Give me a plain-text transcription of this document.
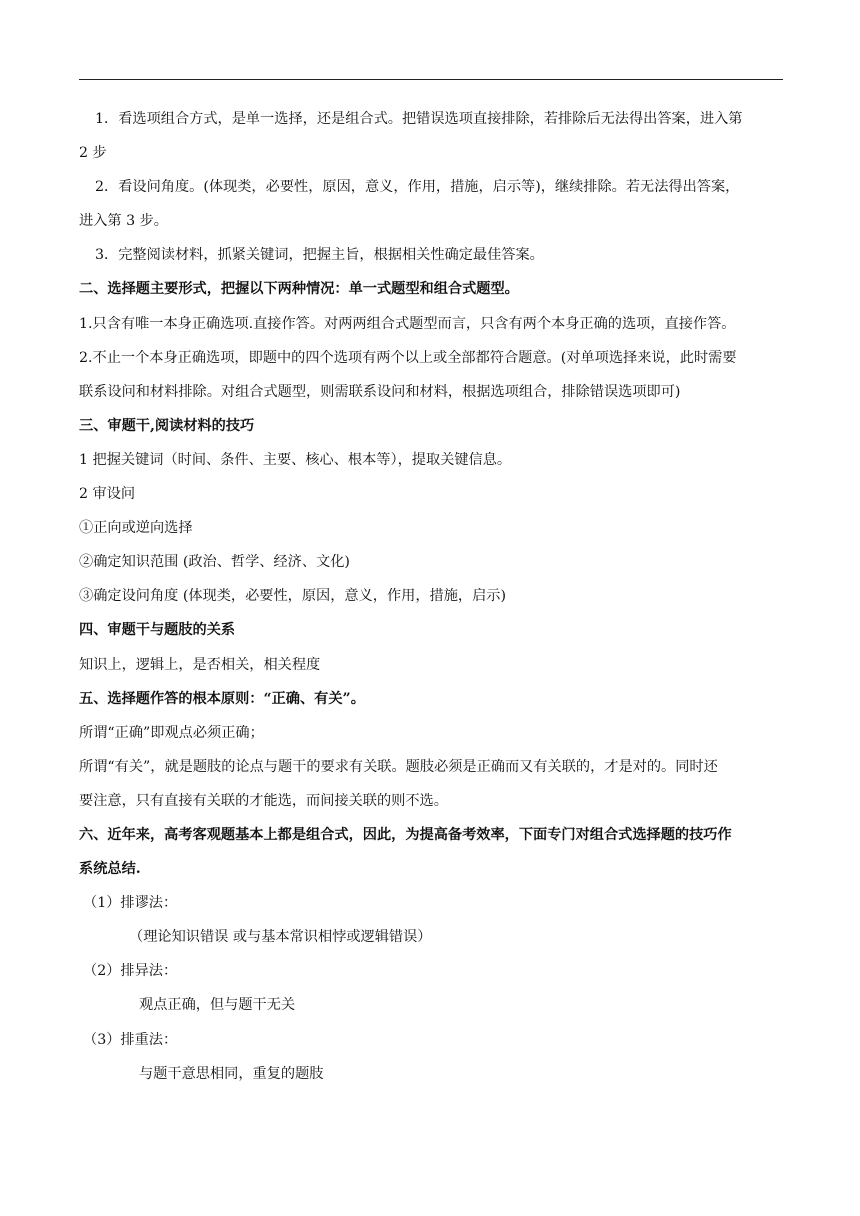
1．看选项组合方式，是单一选择，还是组合式。把错误选项直接排除，若排除后无法得出答案，进入第

2 步

2．看设问角度。(体现类，必要性，原因，意义，作用，措施，启示等)，继续排除。若无法得出答案，

进入第 3 步。

3．完整阅读材料，抓紧关键词，把握主旨，根据相关性确定最佳答案。

二、选择题主要形式，把握以下两种情况：单一式题型和组合式题型。

1.只含有唯一本身正确选项.直接作答。对两两组合式题型而言，只含有两个本身正确的选项，直接作答。

2.不止一个本身正确选项，即题中的四个选项有两个以上或全部都符合题意。(对单项选择来说，此时需要

联系设问和材料排除。对组合式题型，则需联系设问和材料，根据选项组合，排除错误选项即可)

三、审题干,阅读材料的技巧

1 把握关键词（时间、条件、主要、核心、根本等），提取关键信息。

2 审设问

①正向或逆向选择

②确定知识范围 (政治、哲学、经济、文化)

③确定设问角度 (体现类，必要性，原因，意义，作用，措施，启示)

四、审题干与题肢的关系

知识上，逻辑上，是否相关，相关程度

五、选择题作答的根本原则：“正确、有关”。

所谓“正确”即观点必须正确；

所谓“有关”，就是题肢的论点与题干的要求有关联。题肢必须是正确而又有关联的，才是对的。同时还

要注意，只有直接有关联的才能选，而间接关联的则不选。

六、近年来，高考客观题基本上都是组合式，因此，为提高备考效率，下面专门对组合式选择题的技巧作

系统总结.

（1）排谬法：

（理论知识错误 或与基本常识相悖或逻辑错误）

（2）排异法：

观点正确，但与题干无关

（3）排重法：

与题干意思相同，重复的题肢
